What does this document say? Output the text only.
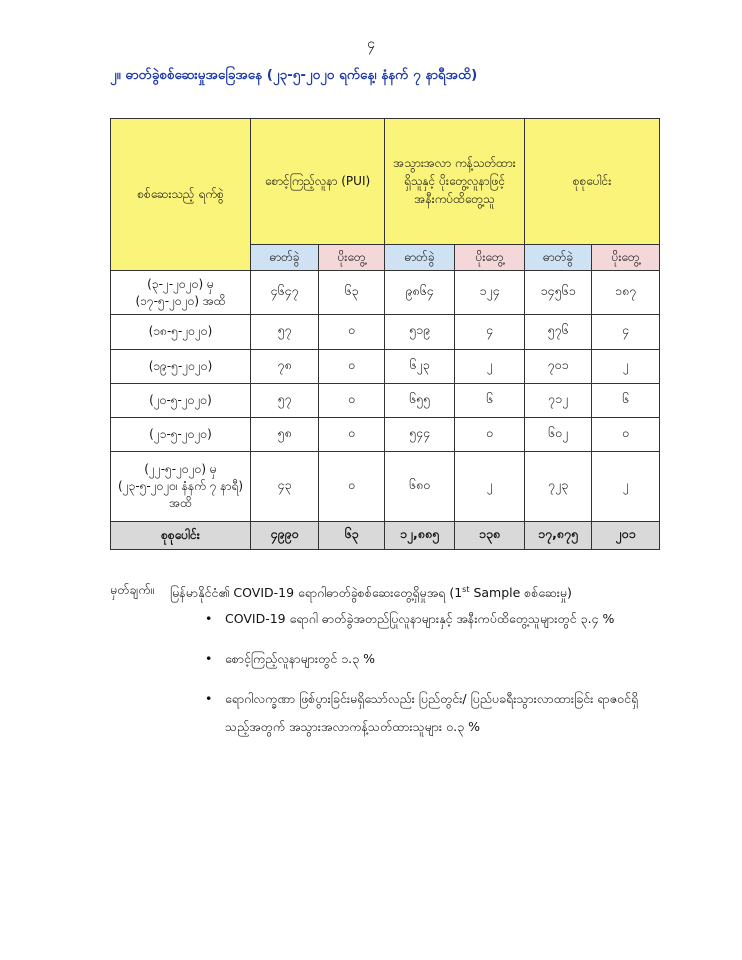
၄
၂။ ဓာတ်ခွဲစစ်ဆေးမှုအခြေအနေ (၂၃-၅-၂၀၂၀ ရက်နေ့၊ နံနက် ၇ နာရီအထိ)
စစ်ဆေးသည့် ရက်စွဲ	စောင့်ကြည့်လူနာ (PUI)		အသွားအလာ ကန့်သတ်ထားရှိသူနှင့် ပိုးတွေ့လူနာဖြင့် အနီးကပ်ထိတွေ့သူ		စုစုပေါင်း	
	ဓာတ်ခွဲ	ပိုးတွေ့	ဓာတ်ခွဲ	ပိုးတွေ့	ဓာတ်ခွဲ	ပိုးတွေ့
(၃-၂-၂၀၂၀) မှ (၁၇-၅-၂၀၂၀) အထိ	၄၆၄၇	၆၃	၉၈၆၄	၁၂၄	၁၄၅၆၁	၁၈၇
(၁၈-၅-၂၀၂၀)	၅၇	၀	၅၁၉	၄	၅၇၆	၄
(၁၉-၅-၂၀၂၀)	၇၈	၀	၆၂၃	၂	၇၀၁	၂
(၂၀-၅-၂၀၂၀)	၅၇	၀	၆၅၅	၆	၇၁၂	၆
(၂၁-၅-၂၀၂၀)	၅၈	၀	၅၄၄	၀	၆၀၂	၀
(၂၂-၅-၂၀၂၀) မှ (၂၃-၅-၂၀၂၀၊ နံနက် ၇ နာရီ) အထိ	၄၃	၀	၆၈၀	၂	၇၂၃	၂
စုစုပေါင်း	၄၉၉၀	၆၃	၁၂,၈၈၅	၁၃၈	၁၇,၈၇၅	၂၀၁
မှတ်ချက်။	မြန်မာနိုင်ငံ၏ COVID-19 ရောဂါဓာတ်ခွဲစစ်ဆေးတွေ့ရှိမှုအရ (1st Sample စစ်ဆေးမှု)
• COVID-19 ရောဂါ ဓာတ်ခွဲအတည်ပြုလူနာများနှင့် အနီးကပ်ထိတွေ့သူများတွင် ၃.၄ %
• စောင့်ကြည့်လူနာများတွင် ၁.၃ %
• ရောဂါလက္ခဏာ ဖြစ်ပွားခြင်းမရှိသော်လည်း ပြည်တွင်း/ ပြည်ပခရီးသွားလာထားခြင်း ရာဇဝင်ရှိသည့်အတွက် အသွားအလာကန့်သတ်ထားသူများ ၀.၃ %
